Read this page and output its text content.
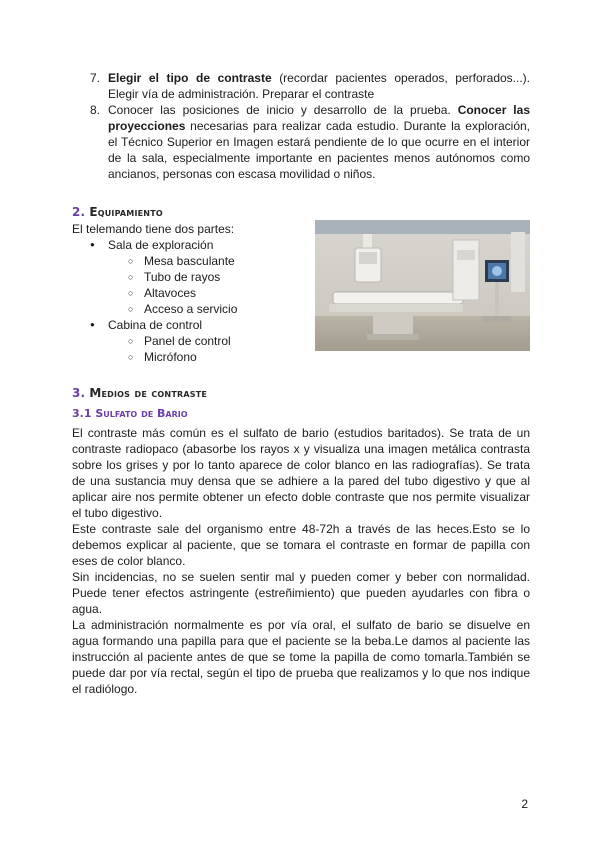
7. Elegir el tipo de contraste (recordar pacientes operados, perforados...). Elegir vía de administración. Preparar el contraste
8. Conocer las posiciones de inicio y desarrollo de la prueba. Conocer las proyecciones necesarias para realizar cada estudio. Durante la exploración, el Técnico Superior en Imagen estará pendiente de lo que ocurre en el interior de la sala, especialmente importante en pacientes menos autónomos como ancianos, personas con escasa movilidad o niños.
2. Equipamiento
El telemando tiene dos partes:
● Sala de exploración
○ Mesa basculante
○ Tubo de rayos
○ Altavoces
○ Acceso a servicio
● Cabina de control
○ Panel de control
○ Micrófono
3. Medios de contraste
3.1 Sulfato de Bario

El contraste más común es el sulfato de bario (estudios baritados). Se trata de un contraste radiopaco (abasorbe los rayos x y visualiza una imagen metálica contrasta sobre los grises y por lo tanto aparece de color blanco en las radiografías). Se trata de una sustancia muy densa que se adhiere a la pared del tubo digestivo y que al aplicar aire nos permite obtener un efecto doble contraste que nos permite visualizar el tubo digestivo.

Este contraste sale del organismo entre 48-72h a través de las heces.Esto se lo debemos explicar al paciente, que se tomara el contraste en formar de papilla con eses de color blanco.

Sin incidencias, no se suelen sentir mal y pueden comer y beber con normalidad. Puede tener efectos astringente (estreñimiento) que pueden ayudarles con fibra o agua.

La administración normalmente es por vía oral, el sulfato de bario se disuelve en agua formando una papilla para que el paciente se la beba.Le damos al paciente las instrucción al paciente antes de que se tome la papilla de como tomarla.También se puede dar por vía rectal, según el tipo de prueba que realizamos y lo que nos indique el radiólogo.

2
